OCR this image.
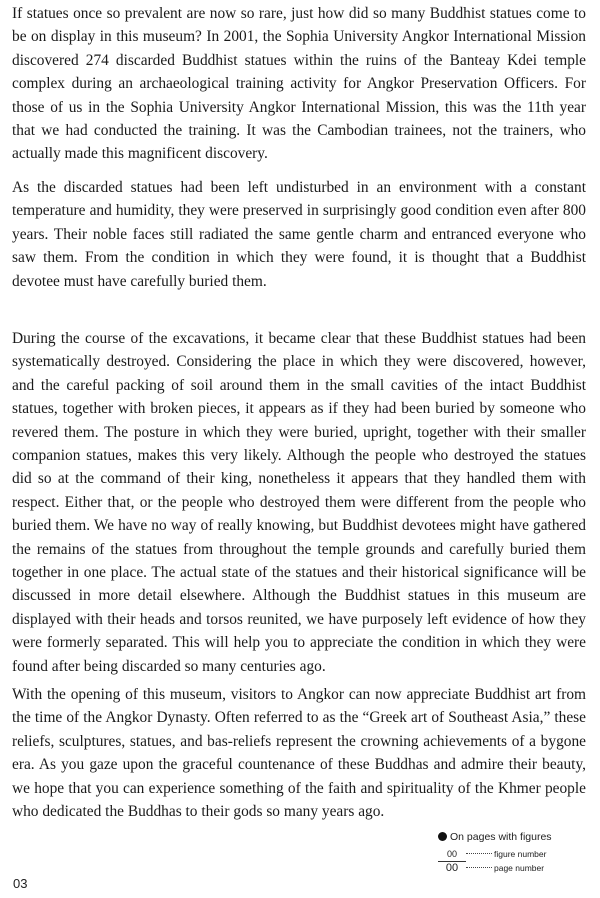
If statues once so prevalent are now so rare, just how did so many Buddhist statues come to be on display in this museum? In 2001, the Sophia University Angkor International Mission discovered 274 discarded Buddhist statues within the ruins of the Banteay Kdei temple complex during an archaeological training activity for Angkor Preservation Officers. For those of us in the Sophia University Angkor International Mission, this was the 11th year that we had conducted the training. It was the Cambodian trainees, not the trainers, who actually made this magnificent discovery.

As the discarded statues had been left undisturbed in an environment with a constant temperature and humidity, they were preserved in surprisingly good condition even after 800 years. Their noble faces still radiated the same gentle charm and entranced everyone who saw them. From the condition in which they were found, it is thought that a Buddhist devotee must have carefully buried them.

During the course of the excavations, it became clear that these Buddhist statues had been systematically destroyed. Considering the place in which they were discovered, however, and the careful packing of soil around them in the small cavities of the intact Buddhist statues, together with broken pieces, it appears as if they had been buried by someone who revered them. The posture in which they were buried, upright, together with their smaller companion statues, makes this very likely. Although the people who destroyed the statues did so at the command of their king, nonetheless it appears that they handled them with respect. Either that, or the people who destroyed them were different from the people who buried them. We have no way of really knowing, but Buddhist devotees might have gathered the remains of the statues from throughout the temple grounds and carefully buried them together in one place. The actual state of the statues and their historical significance will be discussed in more detail elsewhere. Although the Buddhist statues in this museum are displayed with their heads and torsos reunited, we have purposely left evidence of how they were formerly separated. This will help you to appreciate the condition in which they were found after being discarded so many centuries ago.

With the opening of this museum, visitors to Angkor can now appreciate Buddhist art from the time of the Angkor Dynasty. Often referred to as the “Greek art of Southeast Asia,” these reliefs, sculptures, statues, and bas-reliefs represent the crowning achievements of a bygone era. As you gaze upon the graceful countenance of these Buddhas and admire their beauty, we hope that you can experience something of the faith and spirituality of the Khmer people who dedicated the Buddhas to their gods so many years ago.

On pages with figures
00	figure number
00	page number
03
